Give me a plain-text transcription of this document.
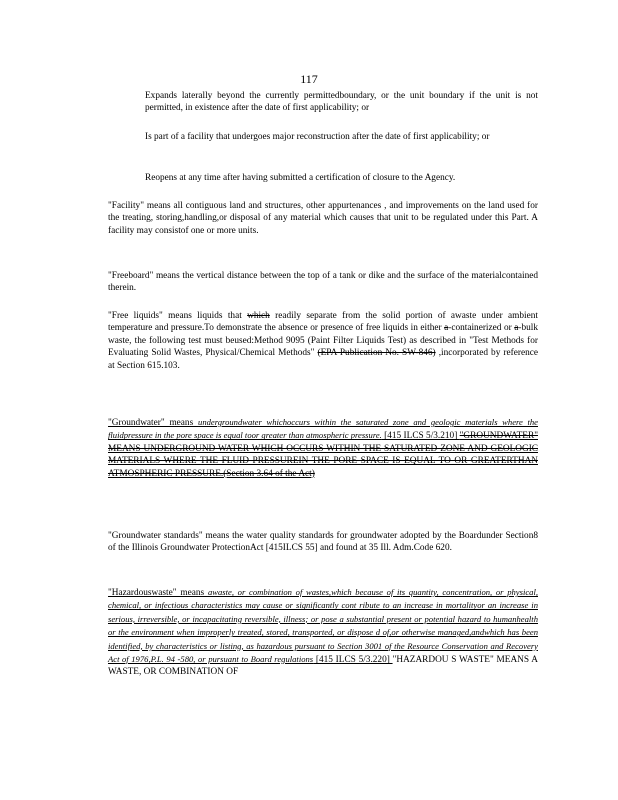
117

Expands laterally beyond the currently permittedboundary, or the unit boundary if the unit is not permitted, in existence after the date of first applicability; or

Is part of a facility that undergoes major reconstruction after the date of first applicability; or

Reopens at any time after having submitted a certification of closure to the Agency.

"Facility" means all contiguous land and structures, other appurtenances , and improvements on the land used for the treating, storing,handling,or disposal of any material which causes that unit to be regulated under this Part. A facility may consistof one or more units.

"Freeboard" means the vertical distance between the top of a tank or dike and the surface of the materialcontained therein.

"Free liquids" means liquids that which readily separate from the solid portion of awaste under ambient temperature and pressure.To demonstrate the absence or presence of free liquids in either a-containerized or a-bulk waste, the following test must beused:Method 9095 (Paint Filter Liquids Test) as described in "Test Methods for Evaluating Solid Wastes, Physical/Chemical Methods" (EPA Publication No. SW-846) ,incorporated by reference at Section 615.103.

"Groundwater" means undergroundwater whichoccurs within the saturated zone and geologic materials where the fluidpressure in the pore space is equal toor greater than atmospheric pressure. [415 ILCS 5/3.210] "GROUNDWATER" MEANS UNDERGROUND WATER WHICH OCCURS WITHIN THE SATURATED ZONE AND GEOLOGIC MATERIALS WHERE THE FLUID PRESSUREIN THE PORE SPACE IS EQUAL TO OR GREATERTHAN ATMOSPHERIC PRESSURE.(Section 3.64 of the Act)

"Groundwater standards" means the water quality standards for groundwater adopted by the Boardunder Section8 of the Illinois Groundwater ProtectionAct [415ILCS 55] and found at 35 Ill. Adm.Code 620.

"Hazardouswaste" means awaste, or combination of wastes,which because of its quantity, concentration, or physical, chemical, or infectious characteristics may cause or significantly cont ribute to an increase in mortalityor an increase in serious, irreversible, or incapacitating reversible, illness; or pose a substantial present or potential hazard to humanhealth or the environment when improperly treated, stored, transported, or dispose d of,or otherwise managed,andwhich has been identified, by characteristics or listing, as hazardous pursuant to Section 3001 of the Resource Conservation and Recovery Act of 1976,P.L. 94 -580, or pursuant to Board regulations [415 ILCS 5/3.220] "HAZARDOU S WASTE" MEANS A WASTE, OR COMBINATION OF
